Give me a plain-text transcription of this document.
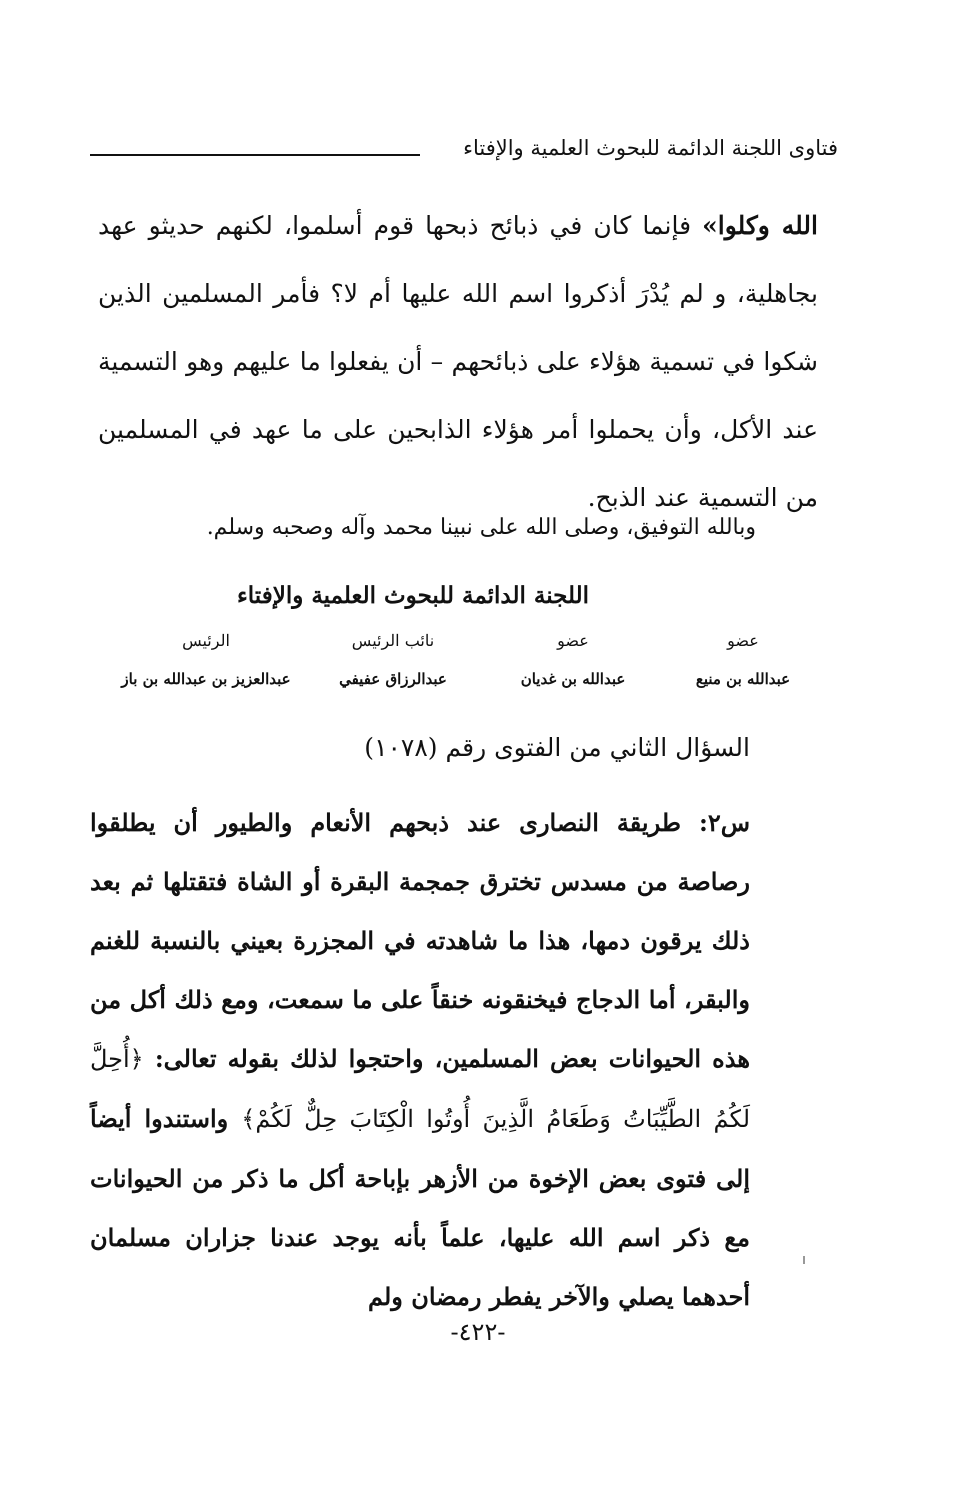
فتاوى اللجنة الدائمة للبحوث العلمية والإفتاء

الله وكلوا» فإنما كان في ذبائح ذبحها قوم أسلموا، لكنهم حديثو عهد بجاهلية، و لم يُدْرَ أذكروا اسم الله عليها أم لا؟ فأمر المسلمين الذين شكوا في تسمية هؤلاء على ذبائحهم – أن يفعلوا ما عليهم وهو التسمية عند الأكل، وأن يحملوا أمر هؤلاء الذابحين على ما عهد في المسلمين من التسمية عند الذبح.

وبالله التوفيق، وصلى الله على نبينا محمد وآله وصحبه وسلم.

اللجنة الدائمة للبحوث العلمية والإفتاء

عضو
عبدالله بن منيع
عضو
عبدالله بن غديان
نائب الرئيس
عبدالرزاق عفيفي
الرئيس
عبدالعزيز بن عبدالله بن باز

السؤال الثاني من الفتوى رقم (١٠٧٨)

س٢: طريقة النصارى عند ذبحهم الأنعام والطيور أن يطلقوا رصاصة من مسدس تخترق جمجمة البقرة أو الشاة فتقتلها ثم بعد ذلك يرقون دمها، هذا ما شاهدته في المجزرة بعيني بالنسبة للغنم والبقر، أما الدجاج فيخنقونه خنقاً على ما سمعت، ومع ذلك أكل من هذه الحيوانات بعض المسلمين، واحتجوا لذلك بقوله تعالى: ﴿أُحِلَّ لَكُمُ الطَّيِّبَاتُ وَطَعَامُ الَّذِينَ أُوتُوا الْكِتَابَ حِلٌّ لَكُمْ﴾ واستندوا أيضاً إلى فتوى بعض الإخوة من الأزهر بإباحة أكل ما ذكر من الحيوانات مع ذكر اسم الله عليها، علماً بأنه يوجد عندنا جزاران مسلمان أحدهما يصلي والآخر يفطر رمضان ولم

-٤٢٢-
